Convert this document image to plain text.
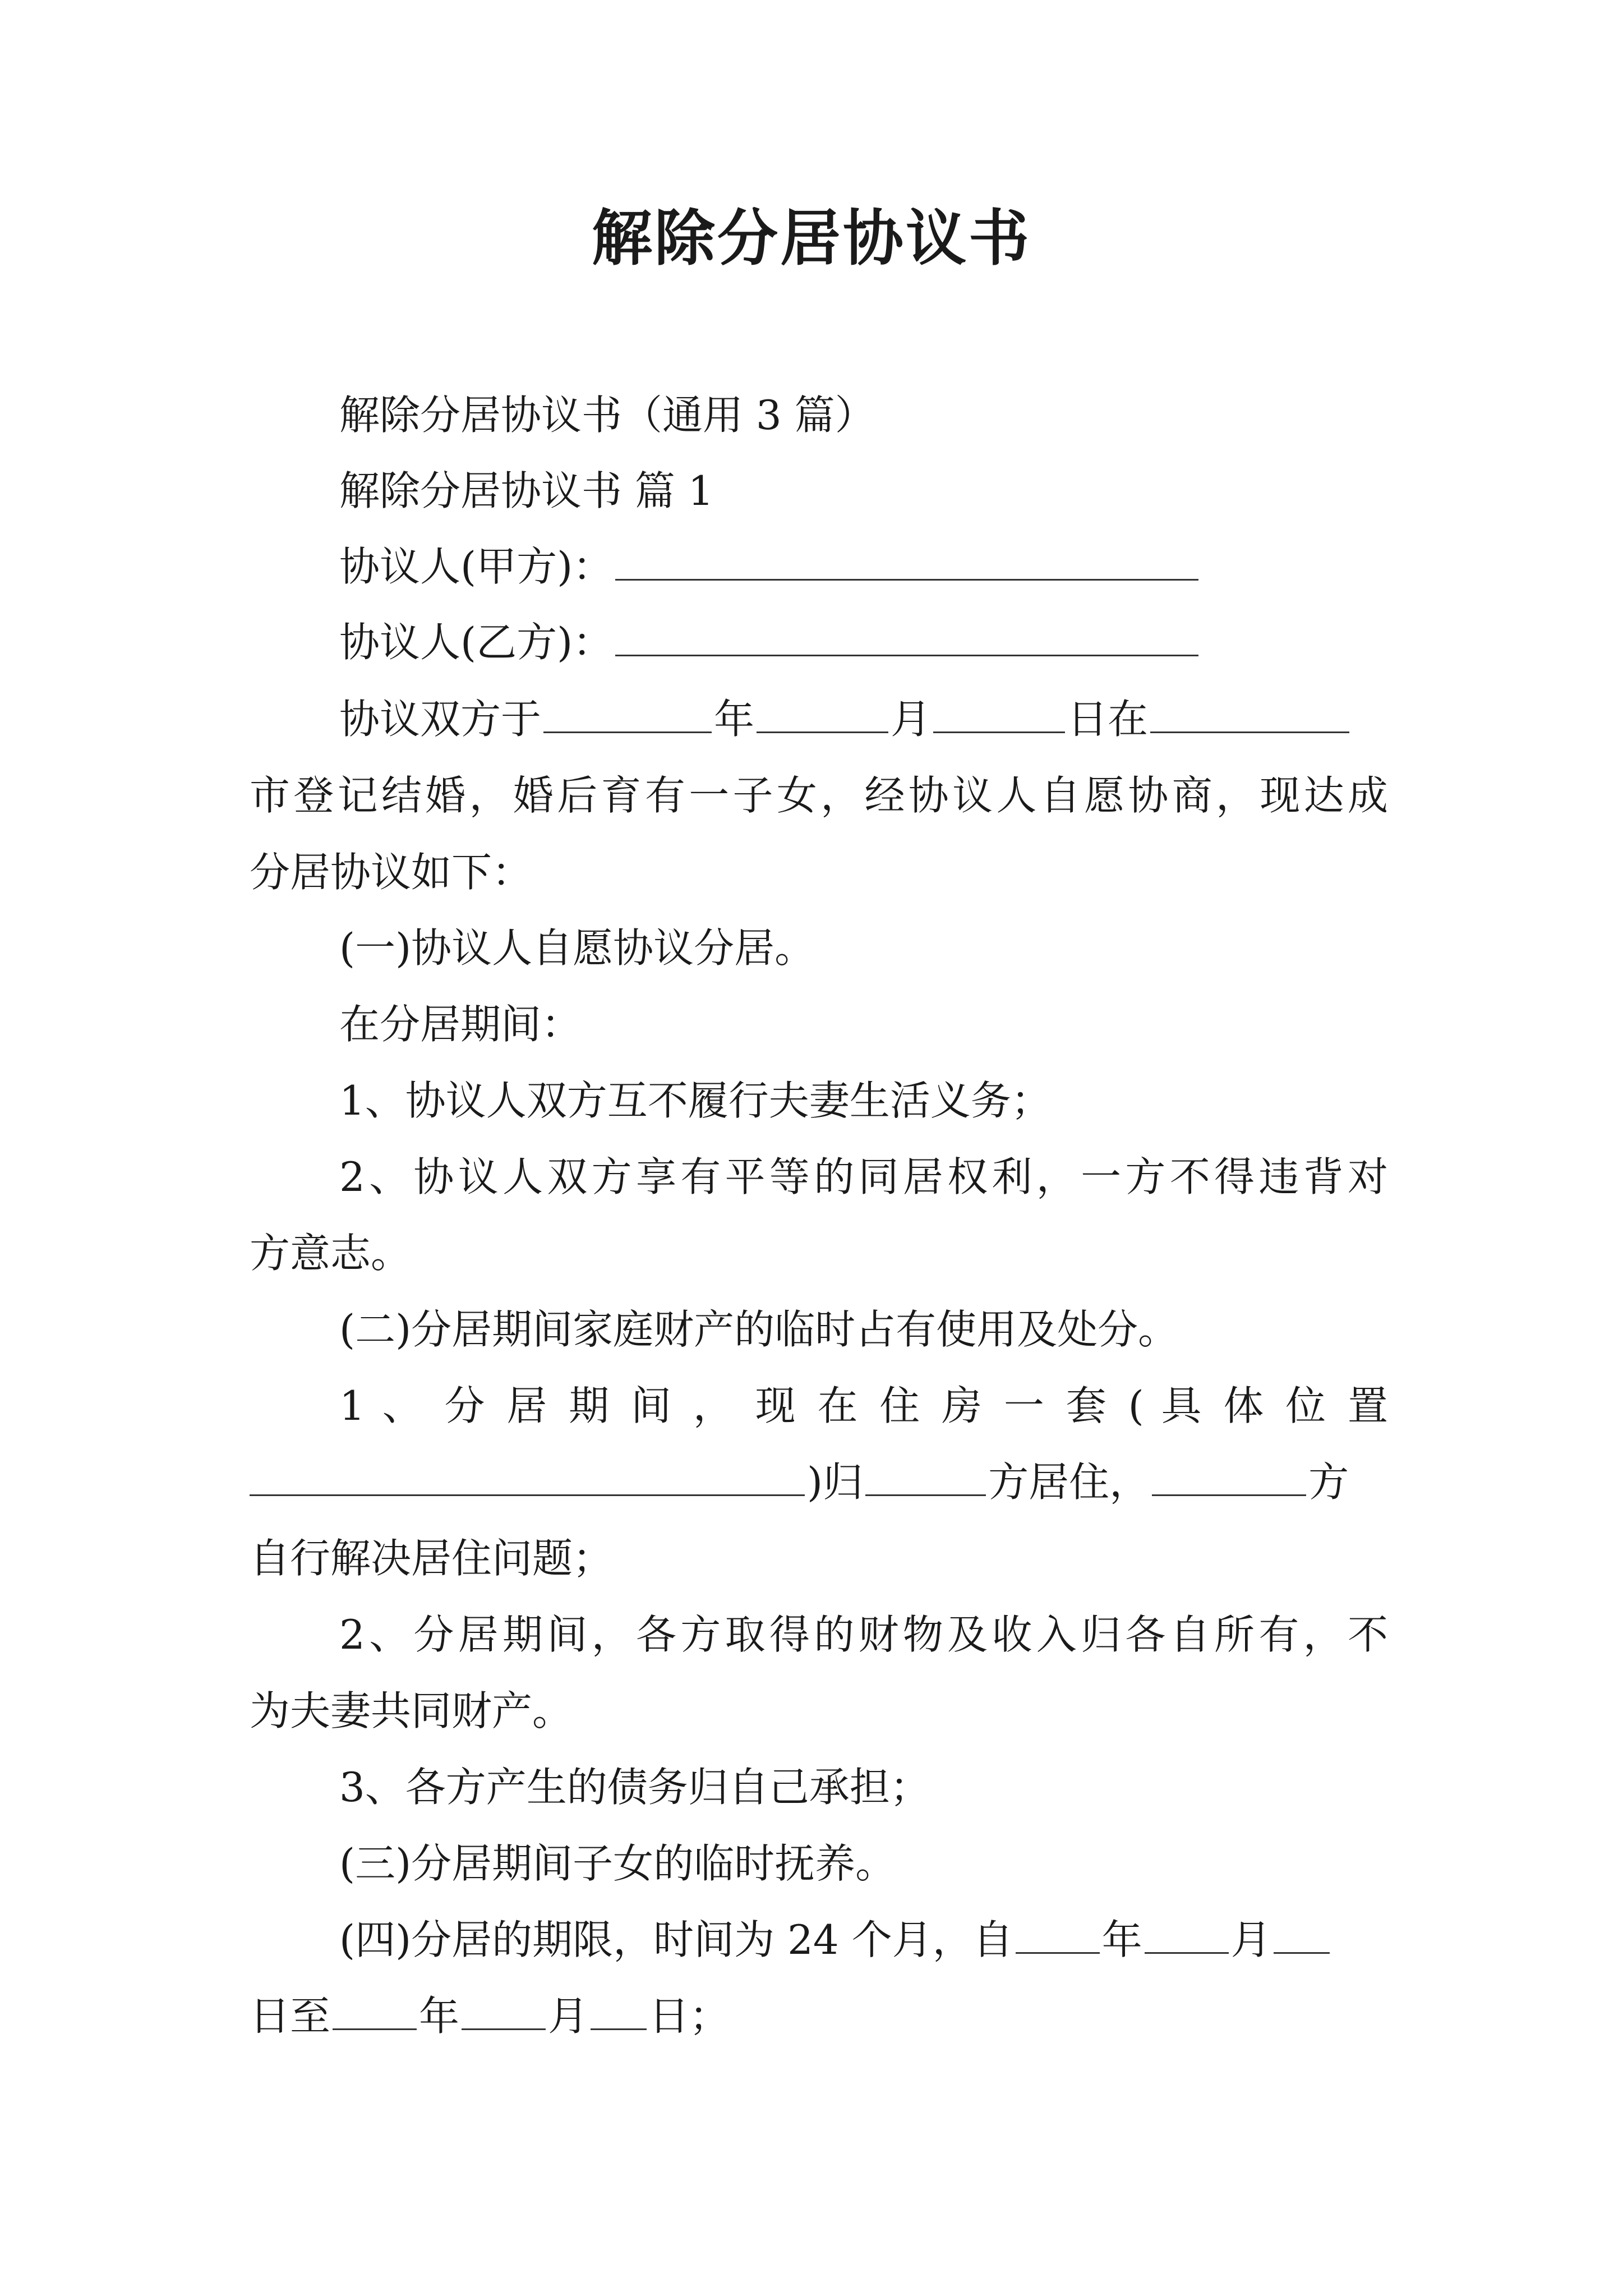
解除分居协议书
解除分居协议书（通用 3 篇）
解除分居协议书 篇 1
协议人(甲方)：
协议人(乙方)：
协议双方于	年	月	日在
市登记结婚，婚后育有一子女，经协议人自愿协商，现达成
分居协议如下：
(一)协议人自愿协议分居。
在分居期间：
1、协议人双方互不履行夫妻生活义务；
2、协议人双方享有平等的同居权利，一方不得违背对
方意志。
(二)分居期间家庭财产的临时占有使用及处分。
1 、 分 居 期 间 ， 现 在 住 房 一 套 ( 具 体 位 置
)归	方居住，	方
自行解决居住问题；
2、分居期间，各方取得的财物及收入归各自所有，不
为夫妻共同财产。
3、各方产生的债务归自己承担；
(三)分居期间子女的临时抚养。
(四)分居的期限，时间为 24 个月，自 年 月
日至 年 月 日；
